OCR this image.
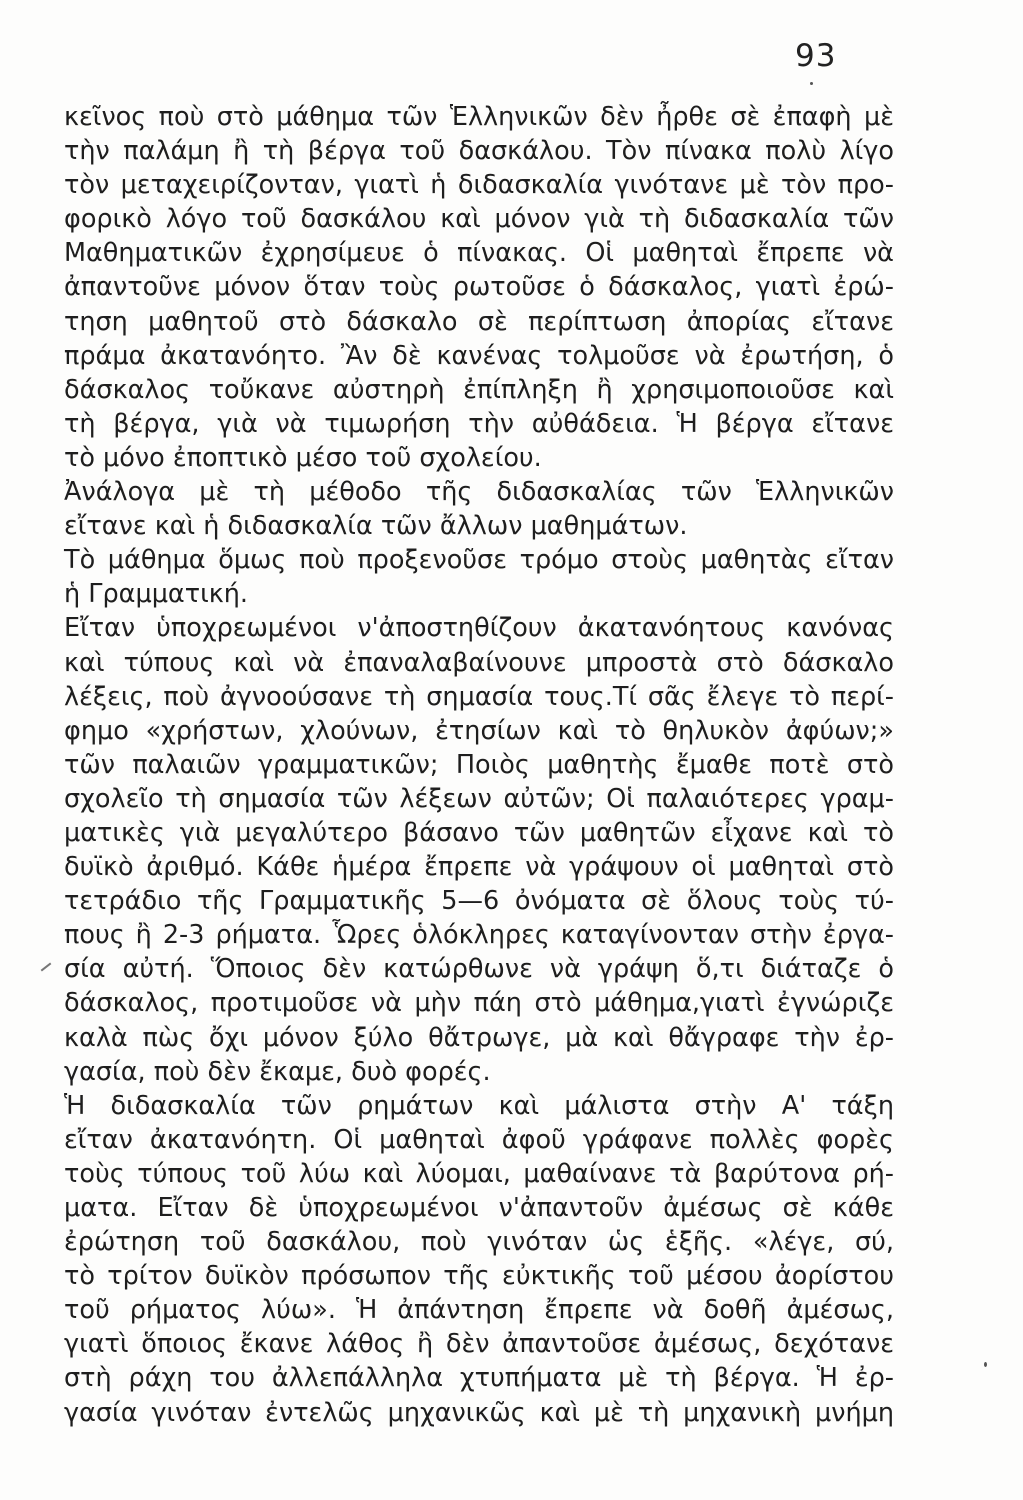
93
κεῖνος ποὺ στὸ μάθημα τῶν Ἑλληνικῶν δὲν ἦρθε σὲ ἐπαφὴ μὲ
τὴν παλάμη ἢ τὴ βέργα τοῦ δασκάλου. Τὸν πίνακα πολὺ λίγο
τὸν μεταχειρίζονταν, γιατὶ ἡ διδασκαλία γινότανε μὲ τὸν προ-
φορικὸ λόγο τοῦ δασκάλου καὶ μόνον γιὰ τὴ διδασκαλία τῶν
Μαθηματικῶν ἐχρησίμευε ὁ πίνακας. Οἱ μαθηταὶ ἔπρεπε νὰ
ἀπαντοῦνε μόνον ὅταν τοὺς ρωτοῦσε ὁ δάσκαλος, γιατὶ ἐρώ-
τηση μαθητοῦ στὸ δάσκαλο σὲ περίπτωση ἀπορίας εἴτανε
πράμα ἀκατανόητο. Ἂν δὲ κανένας τολμοῦσε νὰ ἐρωτήση, ὁ
δάσκαλος τοὔκανε αὐστηρὴ ἐπίπληξη ἢ χρησιμοποιοῦσε καὶ
τὴ βέργα, γιὰ νὰ τιμωρήση τὴν αὐθάδεια. Ἡ βέργα εἴτανε
τὸ μόνο ἐποπτικὸ μέσο τοῦ σχολείου.
Ἀνάλογα μὲ τὴ μέθοδο τῆς διδασκαλίας τῶν Ἑλληνικῶν
εἴτανε καὶ ἡ διδασκαλία τῶν ἄλλων μαθημάτων.
Τὸ μάθημα ὅμως ποὺ προξενοῦσε τρόμο στοὺς μαθητὰς εἴταν
ἡ Γραμματική.
Εἴταν ὑποχρεωμένοι ν'ἀποστηθίζουν ἀκατανόητους κανόνας
καὶ τύπους καὶ νὰ ἐπαναλαβαίνουνε μπροστὰ στὸ δάσκαλο
λέξεις, ποὺ ἀγνοούσανε τὴ σημασία τους.Τί σᾶς ἔλεγε τὸ περί-
φημο «χρήστων, χλούνων, ἐτησίων καὶ τὸ θηλυκὸν ἀφύων;»
τῶν παλαιῶν γραμματικῶν; Ποιὸς μαθητὴς ἔμαθε ποτὲ στὸ
σχολεῖο τὴ σημασία τῶν λέξεων αὐτῶν; Οἱ παλαιότερες γραμ-
ματικὲς γιὰ μεγαλύτερο βάσανο τῶν μαθητῶν εἶχανε καὶ τὸ
δυϊκὸ ἀριθμό. Κάθε ἡμέρα ἔπρεπε νὰ γράψουν οἱ μαθηταὶ στὸ
τετράδιο τῆς Γραμματικῆς 5—6 ὀνόματα σὲ ὅλους τοὺς τύ-
πους ἢ 2-3 ρήματα. Ὧρες ὁλόκληρες καταγίνονταν στὴν ἐργα-
σία αὐτή. Ὅποιος δὲν κατώρθωνε νὰ γράψη ὅ,τι διάταζε ὁ
δάσκαλος, προτιμοῦσε νὰ μὴν πάη στὸ μάθημα,γιατὶ ἐγνώριζε
καλὰ πὼς ὄχι μόνον ξύλο θἄτρωγε, μὰ καὶ θἄγραφε τὴν ἐρ-
γασία, ποὺ δὲν ἔκαμε, δυὸ φορές.
Ἡ διδασκαλία τῶν ρημάτων καὶ μάλιστα στὴν Α' τάξη
εἴταν ἀκατανόητη. Οἱ μαθηταὶ ἀφοῦ γράφανε πολλὲς φορὲς
τοὺς τύπους τοῦ λύω καὶ λύομαι, μαθαίνανε τὰ βαρύτονα ρή-
ματα. Εἴταν δὲ ὑποχρεωμένοι ν'ἀπαντοῦν ἀμέσως σὲ κάθε
ἐρώτηση τοῦ δασκάλου, ποὺ γινόταν ὡς ἑξῆς. «λέγε, σύ,
τὸ τρίτον δυϊκὸν πρόσωπον τῆς εὐκτικῆς τοῦ μέσου ἀορίστου
τοῦ ρήματος λύω». Ἡ ἀπάντηση ἔπρεπε νὰ δοθῆ ἀμέσως,
γιατὶ ὅποιος ἔκανε λάθος ἢ δὲν ἀπαντοῦσε ἀμέσως, δεχότανε
στὴ ράχη του ἀλλεπάλληλα χτυπήματα μὲ τὴ βέργα. Ἡ ἐρ-
γασία γινόταν ἐντελῶς μηχανικῶς καὶ μὲ τὴ μηχανικὴ μνήμη
